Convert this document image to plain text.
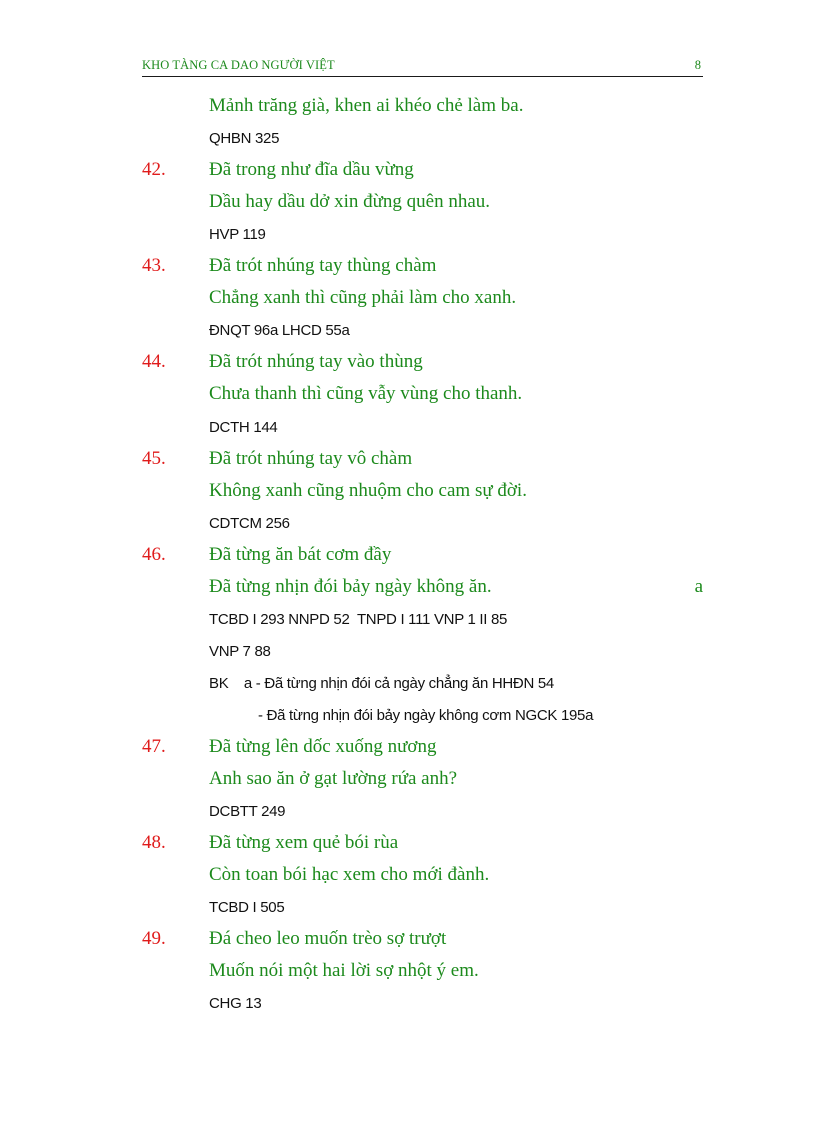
KHO TÀNG CA DAO NGƯỜI VIỆT	8
Mảnh trăng già, khen ai khéo chẻ làm ba.
QHBN 325
42. Đã trong như đĩa dầu vừng
Dầu hay dầu dở xin đừng quên nhau.
HVP 119
43. Đã trót nhúng tay thùng chàm
Chẳng xanh thì cũng phải làm cho xanh.
ĐNQT 96a LHCD 55a
44. Đã trót nhúng tay vào thùng
Chưa thanh thì cũng vẫy vùng cho thanh.
DCTH 144
45. Đã trót nhúng tay vô chàm
Không xanh cũng nhuộm cho cam sự đời.
CDTCM 256
46. Đã từng ăn bát cơm đầy
Đã từng nhịn đói bảy ngày không ăn.	a
TCBD I 293 NNPD 52  TNPD I 111 VNP 1 II 85
VNP 7 88
BK    a - Đã từng nhịn đói cả ngày chẳng ăn HHĐN 54
- Đã từng nhịn đói bảy ngày không cơm NGCK 195a
47. Đã từng lên dốc xuống nương
Anh sao ăn ở gạt lường rứa anh?
DCBTT 249
48. Đã từng xem quẻ bói rùa
Còn toan bói hạc xem cho mới đành.
TCBD I 505
49. Đá cheo leo muốn trèo sợ trượt
Muốn nói một hai lời sợ nhột ý em.
CHG 13
